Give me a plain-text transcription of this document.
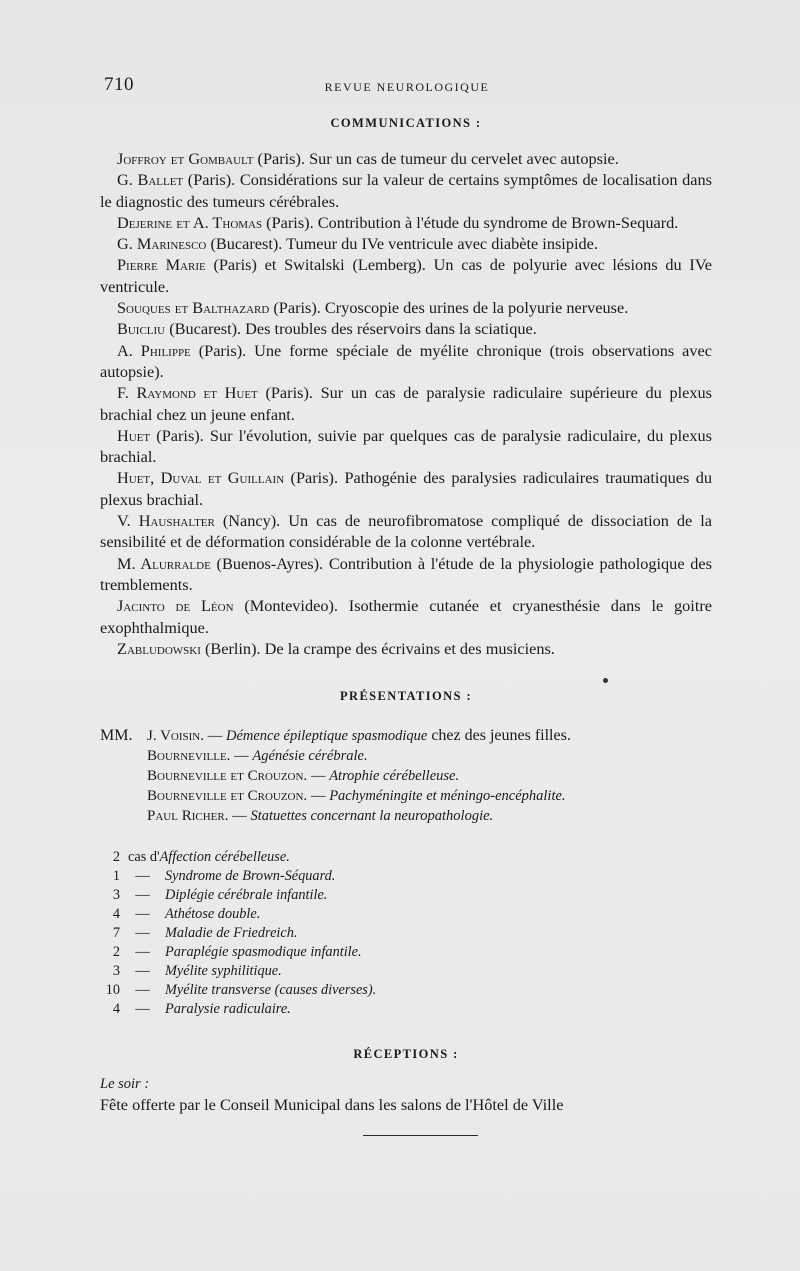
710	REVUE NEUROLOGIQUE
COMMUNICATIONS :

Joffroy et Gombault (Paris). Sur un cas de tumeur du cervelet avec autopsie.

G. Ballet (Paris). Considérations sur la valeur de certains symptômes de localisation dans le diagnostic des tumeurs cérébrales.

Dejerine et A. Thomas (Paris). Contribution à l'étude du syndrome de Brown-Sequard.

G. Marinesco (Bucarest). Tumeur du IVe ventricule avec diabète insipide.

Pierre Marie (Paris) et Switalski (Lemberg). Un cas de polyurie avec lésions du IVe ventricule.

Souques et Balthazard (Paris). Cryoscopie des urines de la polyurie nerveuse.

Buicliu (Bucarest). Des troubles des réservoirs dans la sciatique.

A. Philippe (Paris). Une forme spéciale de myélite chronique (trois observations avec autopsie).

F. Raymond et Huet (Paris). Sur un cas de paralysie radiculaire supérieure du plexus brachial chez un jeune enfant.

Huet (Paris). Sur l'évolution, suivie par quelques cas de paralysie radiculaire, du plexus brachial.

Huet, Duval et Guillain (Paris). Pathogénie des paralysies radiculaires traumatiques du plexus brachial.

V. Haushalter (Nancy). Un cas de neurofibromatose compliqué de dissociation de la sensibilité et de déformation considérable de la colonne vertébrale.

M. Alurralde (Buenos-Ayres). Contribution à l'étude de la physiologie pathologique des tremblements.

Jacinto de Léon (Montevideo). Isothermie cutanée et cryanesthésie dans le goitre exophthalmique.

Zabludowski (Berlin). De la crampe des écrivains et des musiciens.

PRÉSENTATIONS :
MM. J. Voisin. — Démence épileptique spasmodique chez des jeunes filles.
Bourneville. — Agénésie cérébrale.
Bourneville et Crouzon. — Atrophie cérébelleuse.
Bourneville et Crouzon. — Pachyméningite et méningo-encéphalite.
Paul Richer. — Statuettes concernant la neuropathologie.
2 cas d' Affection cérébelleuse.
1	—	Syndrome de Brown-Séquard.
3	—	Diplégie cérébrale infantile.
4	—	Athétose double.
7	—	Maladie de Friedreich.
2	—	Paraplégie spasmodique infantile.
3	—	Myélite syphilitique.
10	—	Myélite transverse (causes diverses).
4	—	Paralysie radiculaire.
RÉCEPTIONS :

Le soir :

Fête offerte par le Conseil Municipal dans les salons de l'Hôtel de Ville
